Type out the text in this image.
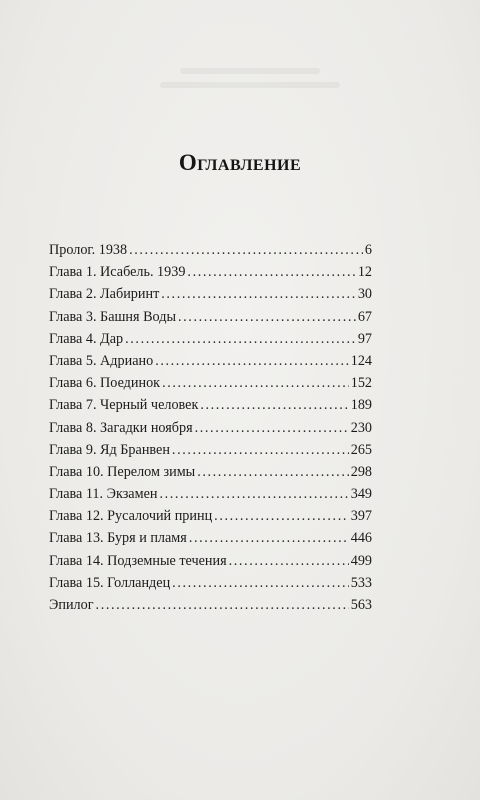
Оглавление
Пролог. 1938 .....	6
Глава 1. Исабель. 1939 .....	12
Глава 2. Лабиринт .....	30
Глава 3. Башня Воды .....	67
Глава 4. Дар .....	97
Глава 5. Адриано .....	124
Глава 6. Поединок .....	152
Глава 7. Черный человек .....	189
Глава 8. Загадки ноября .....	230
Глава 9. Яд Бранвен .....	265
Глава 10. Перелом зимы .....	298
Глава 11. Экзамен .....	349
Глава 12. Русалочий принц .....	397
Глава 13. Буря и пламя .....	446
Глава 14. Подземные течения .....	499
Глава 15. Голландец .....	533
Эпилог .....	563
